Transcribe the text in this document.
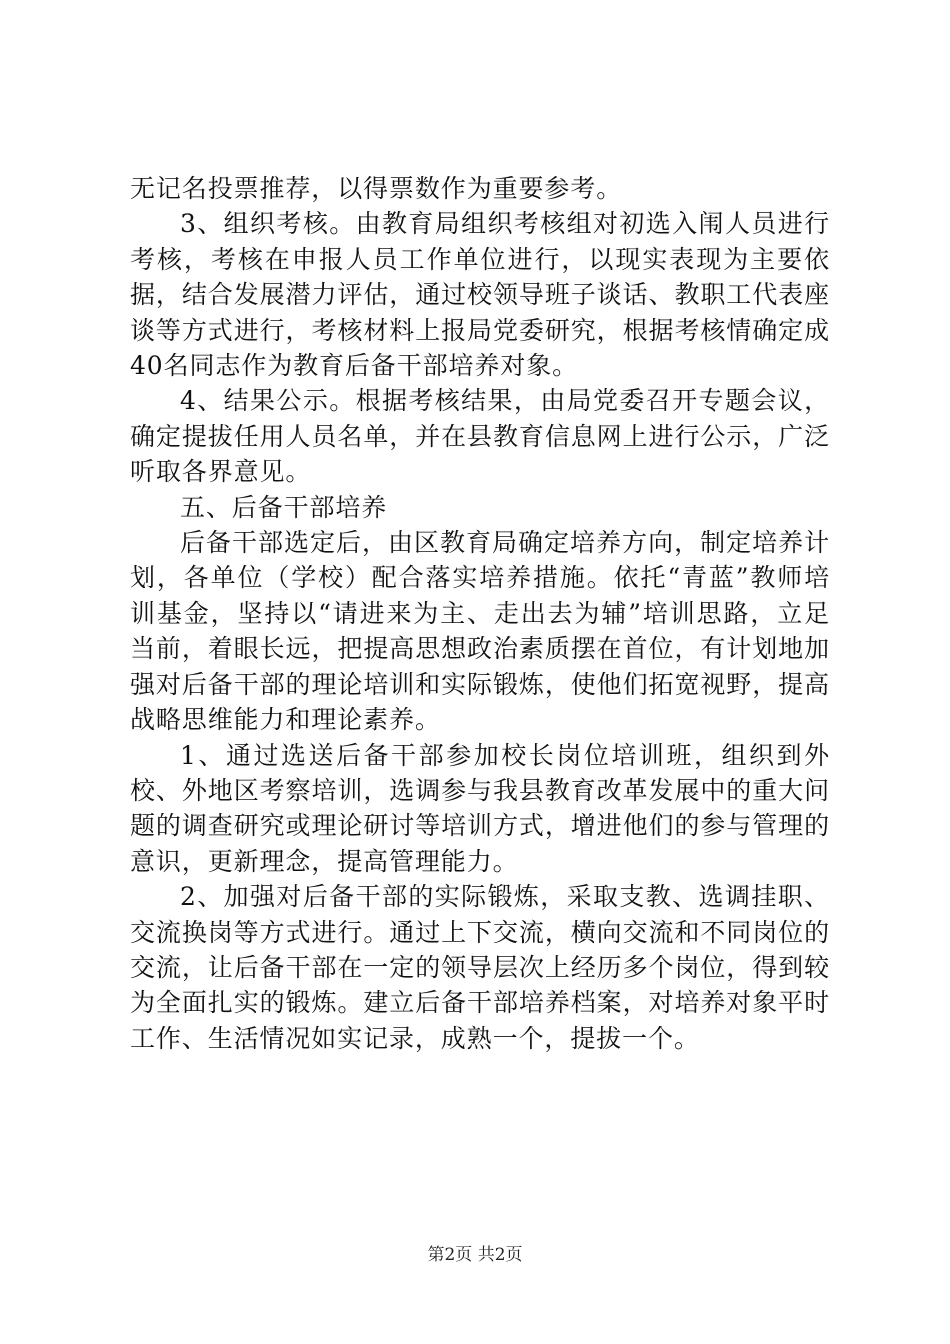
无记名投票推荐，以得票数作为重要参考。

3、组织考核。由教育局组织考核组对初选入闱人员进行考核，考核在申报人员工作单位进行，以现实表现为主要依据，结合发展潜力评估，通过校领导班子谈话、教职工代表座谈等方式进行，考核材料上报局党委研究，根据考核情确定成40名同志作为教育后备干部培养对象。

4、结果公示。根据考核结果，由局党委召开专题会议，确定提拔任用人员名单，并在县教育信息网上进行公示，广泛听取各界意见。

五、后备干部培养

后备干部选定后，由区教育局确定培养方向，制定培养计划，各单位（学校）配合落实培养措施。依托“青蓝”教师培训基金，坚持以“请进来为主、走出去为辅”培训思路，立足当前，着眼长远，把提高思想政治素质摆在首位，有计划地加强对后备干部的理论培训和实际锻炼，使他们拓宽视野，提高战略思维能力和理论素养。

1、通过选送后备干部参加校长岗位培训班，组织到外校、外地区考察培训，选调参与我县教育改革发展中的重大问题的调查研究或理论研讨等培训方式，增进他们的参与管理的意识，更新理念，提高管理能力。

2、加强对后备干部的实际锻炼，采取支教、选调挂职、交流换岗等方式进行。通过上下交流，横向交流和不同岗位的交流，让后备干部在一定的领导层次上经历多个岗位，得到较为全面扎实的锻炼。建立后备干部培养档案，对培养对象平时工作、生活情况如实记录，成熟一个，提拔一个。

第2页 共2页
